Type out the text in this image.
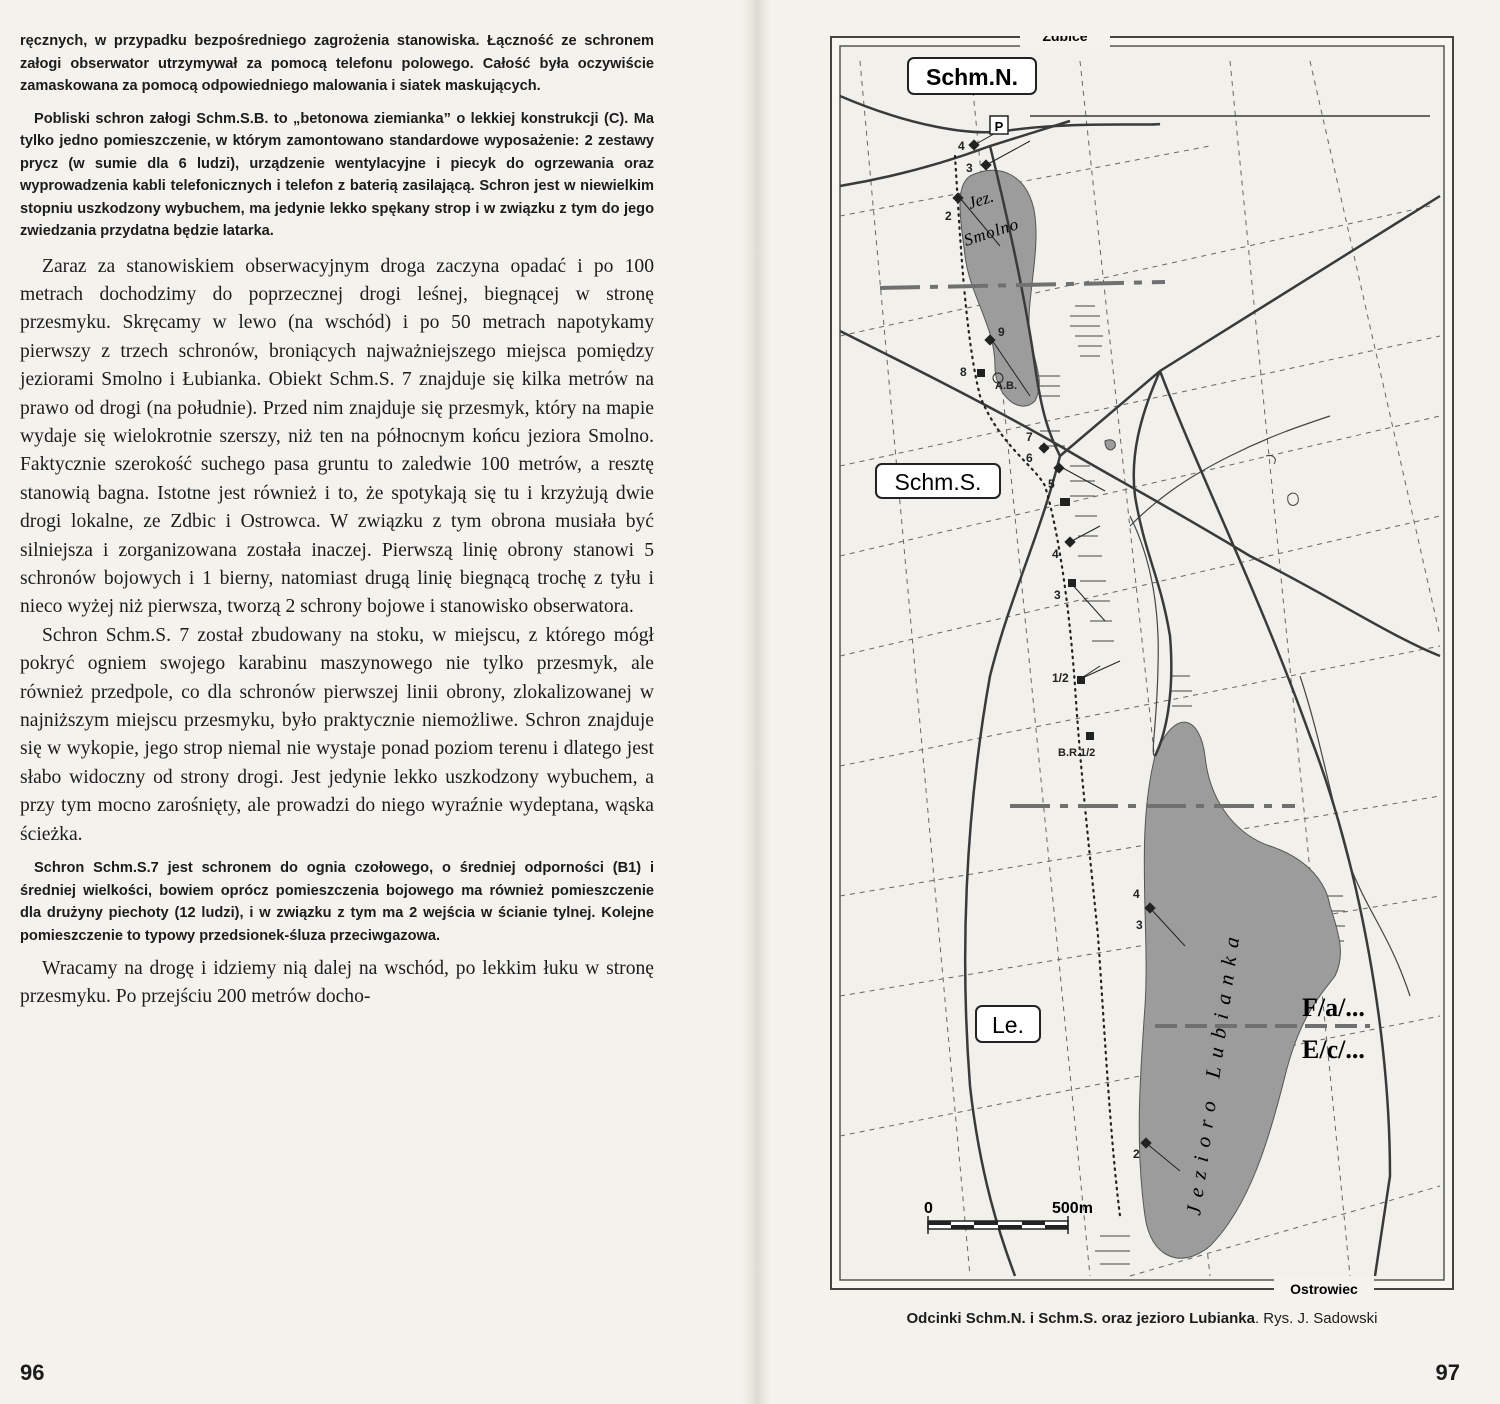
ręcznych, w przypadku bezpośredniego zagrożenia stanowiska. Łączność ze schronem załogi obserwator utrzymywał za pomocą telefonu polowego. Całość była oczywiście zamaskowana za pomocą odpowiedniego malowania i siatek maskujących.

Pobliski schron załogi Schm.S.B. to „betonowa ziemianka” o lekkiej konstrukcji (C). Ma tylko jedno pomieszczenie, w którym zamontowano standardowe wyposażenie: 2 zestawy prycz (w sumie dla 6 ludzi), urządzenie wentylacyjne i piecyk do ogrzewania oraz wyprowadzenia kabli telefonicznych i telefon z baterią zasilającą. Schron jest w niewielkim stopniu uszkodzony wybuchem, ma jedynie lekko spękany strop i w związku z tym do jego zwiedzania przydatna będzie latarka.

Zaraz za stanowiskiem obserwacyjnym droga zaczyna opadać i po 100 metrach dochodzimy do poprzecznej drogi leśnej, biegnącej w stronę przesmyku. Skręcamy w lewo (na wschód) i po 50 metrach napotykamy pierwszy z trzech schronów, broniących najważniejszego miejsca pomiędzy jeziorami Smolno i Łubianka. Obiekt Schm.S. 7 znajduje się kilka metrów na prawo od drogi (na południe). Przed nim znajduje się przesmyk, który na mapie wydaje się wielokrotnie szerszy, niż ten na północnym końcu jeziora Smolno. Faktycznie szerokość suchego pasa gruntu to zaledwie 100 metrów, a resztę stanowią bagna. Istotne jest również i to, że spotykają się tu i krzyżują dwie drogi lokalne, ze Zdbic i Ostrowca. W związku z tym obrona musiała być silniejsza i zorganizowana została inaczej. Pierwszą linię obrony stanowi 5 schronów bojowych i 1 bierny, natomiast drugą linię biegnącą trochę z tyłu i nieco wyżej niż pierwsza, tworzą 2 schrony bojowe i stanowisko obserwatora.

Schron Schm.S. 7 został zbudowany na stoku, w miejscu, z którego mógł pokryć ogniem swojego karabinu maszynowego nie tylko przesmyk, ale również przedpole, co dla schronów pierwszej linii obrony, zlokalizowanej w najniższym miejscu przesmyku, było praktycznie niemożliwe. Schron znajduje się w wykopie, jego strop niemal nie wystaje ponad poziom terenu i dlatego jest słabo widoczny od strony drogi. Jest jedynie lekko uszkodzony wybuchem, a przy tym mocno zarośnięty, ale prowadzi do niego wyraźnie wydeptana, wąska ścieżka.

Schron Schm.S.7 jest schronem do ognia czołowego, o średniej odporności (B1) i średniej wielkości, bowiem oprócz pomieszczenia bojowego ma również pomieszczenie dla drużyny piechoty (12 ludzi), i w związku z tym ma 2 wejścia w ścianie tylnej. Kolejne pomieszczenie to typowy przedsionek-śluza przeciwgazowa.

Wracamy na drogę i idziemy nią dalej na wschód, po lekkim łuku w stronę przesmyku. Po przejściu 200 metrów docho-

96	97
P
4
3
2
9
8
A.B.
7
6
5
4
3
1/2
B.R.1/2
4
3
2
Jez.
Smolno
Jezioro Lubianka
Schm.N.
Schm.S.
Le.
F/a/...
E/c/...
0	500m
Zdbice
Ostrowiec
Odcinki Schm.N. i Schm.S. oraz jezioro Lubianka. Rys. J. Sadowski
